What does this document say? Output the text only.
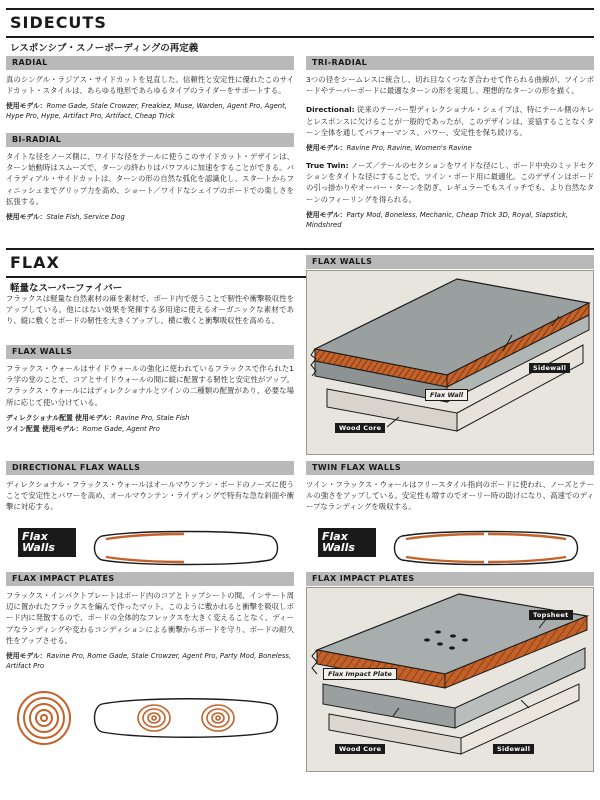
SIDECUTS
レスポンシブ・スノーボーディングの再定義
RADIAL
真のシングル・ラジアス・サイドカットを見直した。信頼性と安定性に優れたこのサイドカット・スタイルは、あらゆる地形であらゆるタイプのライダーをサポートする。
使用モデル：Rome Gade, Stale Crowzer, Freakiez, Muse, Warden, Agent Pro, Agent, Hype Pro, Hype, Artifact Pro, Artifact, Cheap Trick
BI-RADIAL
タイトな径をノーズ側に、ワイドな径をテールに使うこのサイドカット・デザインは、ターン始動時はスムーズで、ターンの終わりはパワフルに加速をすることができる。バイラディアル・サイドカットは、ターンの形の自然な弧化を認識化し、スタートからフィニッシュまでグリップ力を高め、ショート／ワイドなシェイプのボードでの楽しさを拡張する。
使用モデル：Stale Fish, Service Dog
TRI-RADIAL
3つの径をシームレスに統合し、切れ目なくつなぎ合わせて作られる曲線が、ツインボードやテーパーボードに最適なターンの形を実現し、理想的なターンの形を描く。
Directional: 従来のテーパー型ディレクショナル・シェイプは、特にテール側のキレとレスポンスに欠けることが一般的であったが、このデザインは、妥協することなくターン全体を通してパフォーマンス、パワー、安定性を保ち続ける。
使用モデル：Ravine Pro, Ravine, Women's Ravine
True Twin: ノーズ／テールのセクションをワイドな径にし、ボード中央のミッドセクションをタイトな径にすることで、ツイン・ボード用に最適化。このデザインはボードの引っ掛かりやオーバー・ターンを防ぎ、レギュラーでもスイッチでも、より自然なターンのフィーリングを得られる。
使用モデル：Party Mod, Boneless, Mechanic, Cheap Trick 3D, Royal, Slapstick, Mindshred
FLAX
軽量なスーパーファイバー
フラックスは軽量な自然素材の麻を素材で、ボード内で使うことで靭性や衝撃吸収性をアップしている。他にはない効果を発揮する多用途に使えるオーガニックな素材であり、縦に敷くとボードの靭性を大きくアップし、横に敷くと衝撃吸収性を高める。
FLAX WALLS
フラックス・ウォールはサイドウォールの強化に使われているフラックスで作られた1ラ学の堂のことで、コアとサイドウォールの間に縦に配置する靭性と安定性がアップ。フラックス・ウォールにはディレクショナルとツインの二種類の配置があり、必要な場所に応じて使い分けている。
ディレクショナル配置 使用モデル：Ravine Pro, Stale Fish
ツイン配置 使用モデル：Rome Gade, Agent Pro
DIRECTIONAL FLAX WALLS
ディレクショナル・フラックス・ウォールはオールマウンテン・ボードのノーズに使うことで安定性とパワーを高め、オールマウンテン・ライディングで特有な急な斜面や衝撃に対応する。
TWIN FLAX WALLS
ツイン・フラックス・ウォールはフリースタイル指向のボードに使われ、ノーズとテールの強さをアップしている。安定性も増すのでオーリー時の助けになり、高速でのディープなランディングを吸収する。
FLAX IMPACT PLATES
フラックス・インパクトプレートはボード内のコアとトップシートの間、インサート周辺に置かれたフラックスを編んで作ったマット。このように敷かれると衝撃を吸収しボード内に発散するので、ボードの全体的なフレックスを大きく変えることなく、ディープなランディングや変わるコンディションによる衝撃からボードを守り、ボードの耐久性をアップさせる。
使用モデル：Ravine Pro, Rome Gade, Stale Crowzer, Agent Pro, Party Mod, Boneless, Artifact Pro
FLAX WALLS
Flax Wall
Sidewall
Wood Core
Flax
Walls
Flax
Walls
FLAX IMPACT PLATES
Topsheet
Flax Impact Plate
Wood Core	Sidewall
